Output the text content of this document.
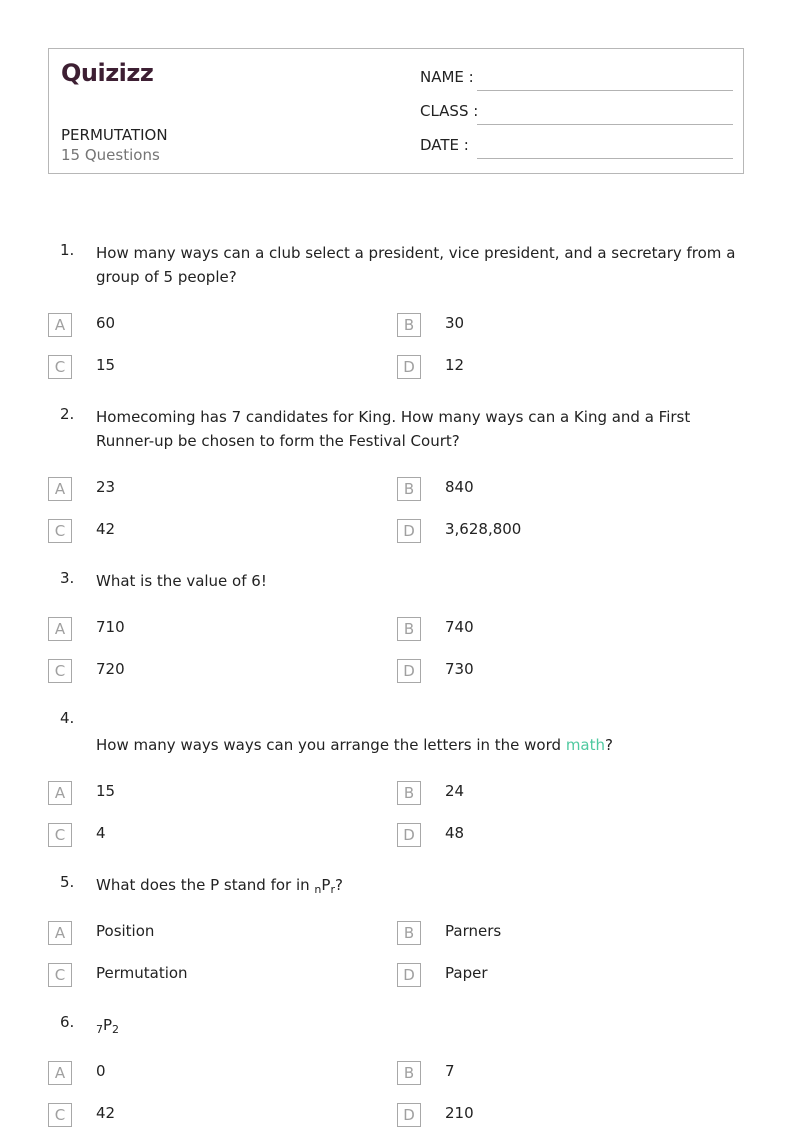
Quizizz
PERMUTATION
15 Questions
NAME :
CLASS :
DATE :
1. How many ways can a club select a president, vice president, and a secretary from a group of 5 people?
A	60	B	30
C	15	D	12
2. Homecoming has 7 candidates for King. How many ways can a King and a First Runner-up be chosen to form the Festival Court?
A	23	B	840
C	42	D	3,628,800
3. What is the value of 6!
A	710	B	740
C	720	D	730
4.
How many ways ways can you arrange the letters in the word math?
A	15	B	24
C	4	D	48
5. What does the P stand for in $_nP_r$?
A	Position	B	Parners
C	Permutation	D	Paper
6. $_7P_2$
A	0	B	7
C	42	D	210
